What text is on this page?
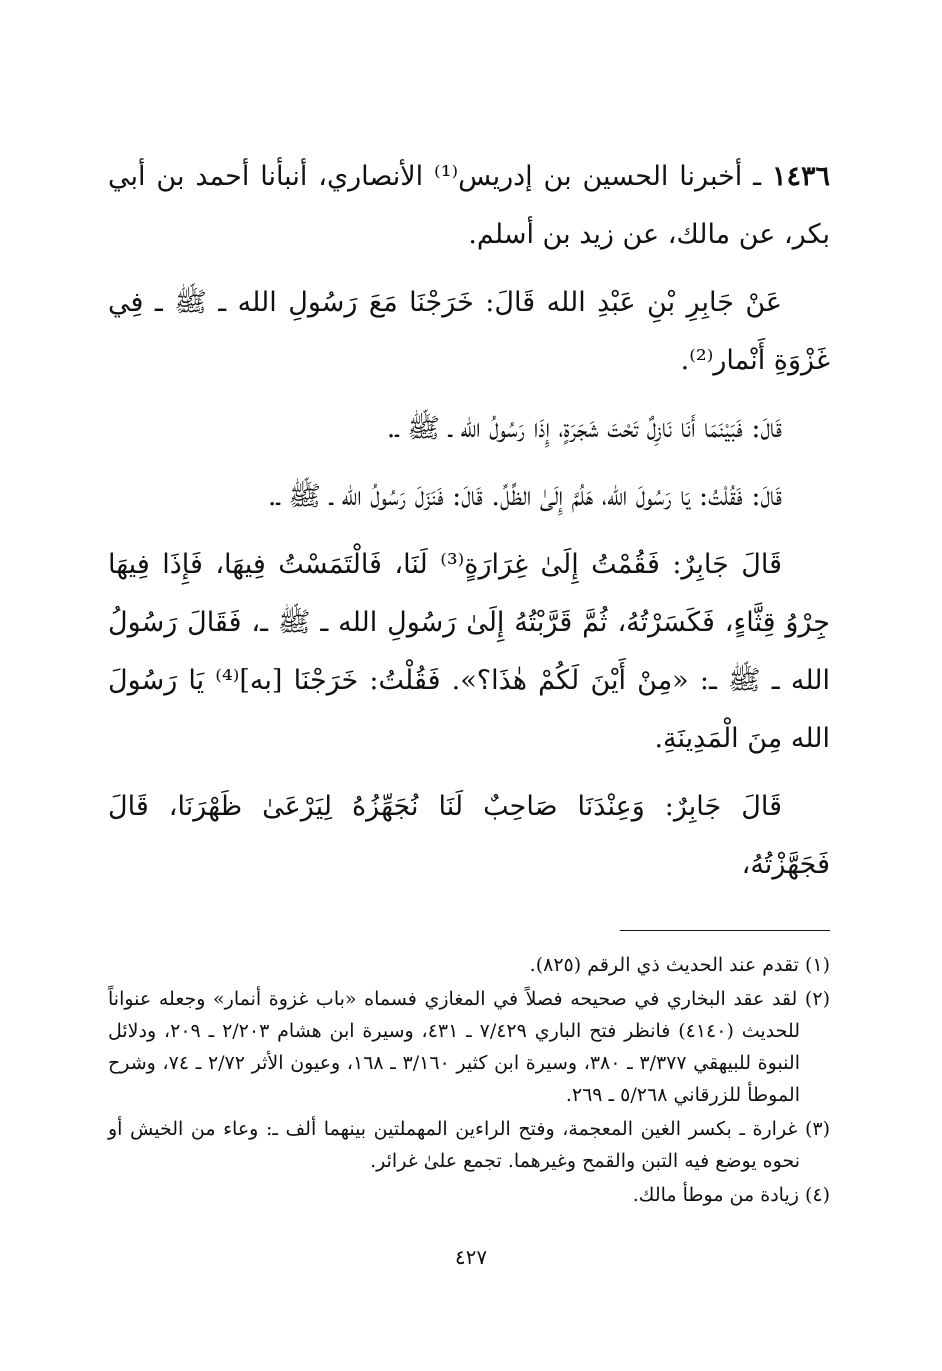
١٤٣٦ ـ أخبرنا الحسين بن إدريس⁽¹⁾ الأنصاري، أنبأنا أحمد بن أبي بكر، عن مالك، عن زيد بن أسلم.

عَنْ جَابِرِ بْنِ عَبْدِ الله قَالَ: خَرَجْنَا مَعَ رَسُولِ الله ـ ﷺ ـ فِي غَزْوَةِ أَنْمار⁽²⁾.

قَالَ: فَبَيْنَمَا أَنَا نَازِلٌ تَحْتَ شَجَرَةٍ، إِذَا رَسُولُ الله ـ ﷺ ـ.

قَالَ: فَقُلْتُ: يَا رَسُولَ الله، هَلُمَّ إِلَىٰ الظِّلِّ. قَالَ: فَنَزَلَ رَسُولُ الله ـ ﷺ ـ.

قَالَ جَابِرٌ: فَقُمْتُ إِلَىٰ غِرَارَةٍ⁽³⁾ لَنَا، فَالْتَمَسْتُ فِيهَا، فَإِذَا فِيهَا جِرْوُ قِثَّاءٍ، فَكَسَرْتُهُ، ثُمَّ قَرَّبْتُهُ إِلَىٰ رَسُولِ الله ـ ﷺ ـ، فَقَالَ رَسُولُ الله ـ ﷺ ـ: «مِنْ أَيْنَ لَكُمْ هٰذَا؟». فَقُلْتُ: خَرَجْنَا [به]⁽⁴⁾ يَا رَسُولَ الله مِنَ الْمَدِينَةِ.

قَالَ جَابِرٌ: وَعِنْدَنَا صَاحِبٌ لَنَا نُجَهِّزُهُ لِيَرْعَىٰ ظَهْرَنَا، قَالَ فَجَهَّزْتُهُ،

(١) تقدم عند الحديث ذي الرقم (٨٢٥).

(٢) لقد عقد البخاري في صحيحه فصلاً في المغازي فسماه «باب غزوة أنمار» وجعله عنواناً للحديث (٤١٤٠) فانظر فتح الباري ٧/٤٢٩ ـ ٤٣١، وسيرة ابن هشام ٢/٢٠٣ ـ ٢٠٩، ودلائل النبوة للبيهقي ٣/٣٧٧ ـ ٣٨٠، وسيرة ابن كثير ٣/١٦٠ ـ ١٦٨، وعيون الأثر ٢/٧٢ ـ ٧٤، وشرح الموطأ للزرقاني ٥/٢٦٨ ـ ٢٦٩.

(٣) غرارة ـ بكسر الغين المعجمة، وفتح الراءين المهملتين بينهما ألف ـ: وعاء من الخيش أو نحوه يوضع فيه التبن والقمح وغيرهما. تجمع علىٰ غرائر.

(٤) زيادة من موطأ مالك.

٤٢٧
